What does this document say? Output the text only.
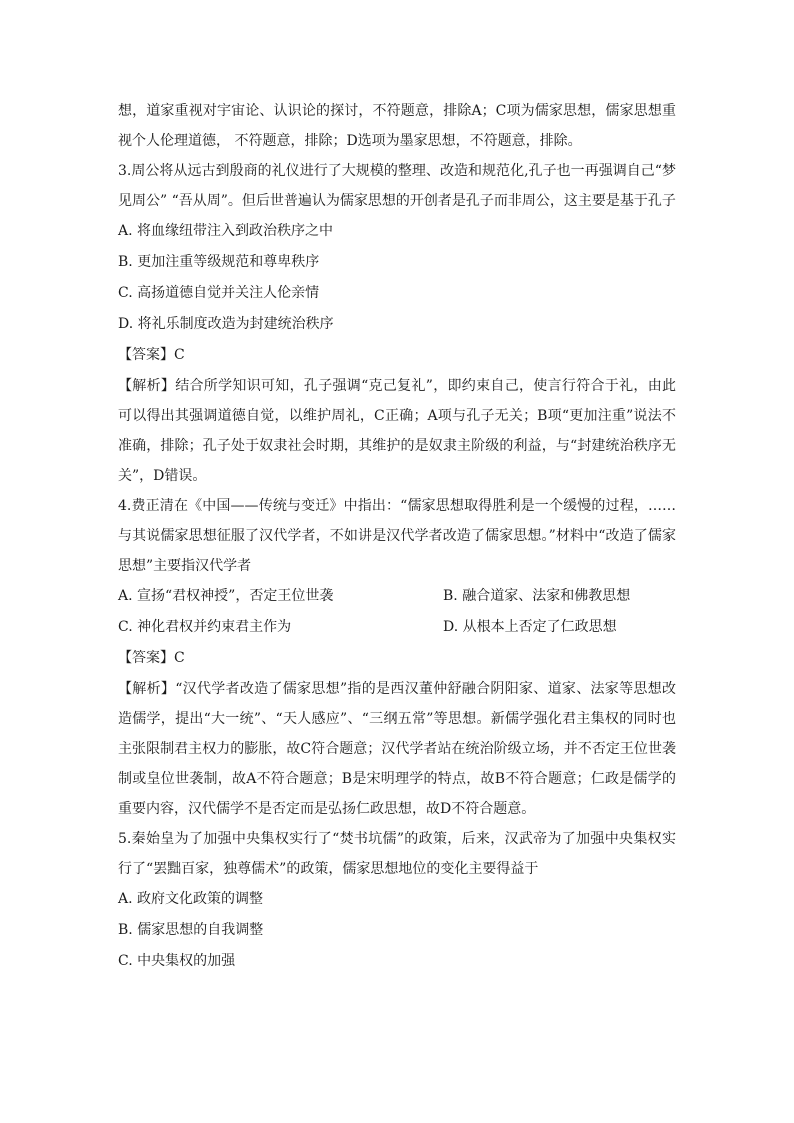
想，道家重视对宇宙论、认识论的探讨，不符题意，排除A；C项为儒家思想，儒家思想重视个人伦理道德， 不符题意，排除；D选项为墨家思想，不符题意，排除。

3.周公将从远古到殷商的礼仪进行了大规模的整理、改造和规范化,孔子也一再强调自己“梦见周公” “吾从周”。但后世普遍认为儒家思想的开创者是孔子而非周公，这主要是基于孔子

A. 将血缘纽带注入到政治秩序之中

B. 更加注重等级规范和尊卑秩序

C. 高扬道德自觉并关注人伦亲情

D. 将礼乐制度改造为封建统治秩序

【答案】C

【解析】结合所学知识可知，孔子强调“克己复礼”，即约束自己，使言行符合于礼，由此可以得出其强调道德自觉，以维护周礼，C正确；A项与孔子无关；B项“更加注重”说法不准确，排除；孔子处于奴隶社会时期，其维护的是奴隶主阶级的利益，与“封建统治秩序无关”，D错误。

4.费正清在《中国——传统与变迁》中指出：“儒家思想取得胜利是一个缓慢的过程，……与其说儒家思想征服了汉代学者，不如讲是汉代学者改造了儒家思想。”材料中“改造了儒家思想”主要指汉代学者

A. 宣扬“君权神授”，否定王位世袭	B. 融合道家、法家和佛教思想
C. 神化君权并约束君主作为	D. 从根本上否定了仁政思想

【答案】C

【解析】“汉代学者改造了儒家思想”指的是西汉董仲舒融合阴阳家、道家、法家等思想改造儒学，提出“大一统”、“天人感应”、“三纲五常”等思想。新儒学强化君主集权的同时也主张限制君主权力的膨胀，故C符合题意；汉代学者站在统治阶级立场，并不否定王位世袭制或皇位世袭制，故A不符合题意；B是宋明理学的特点，故B不符合题意；仁政是儒学的重要内容，汉代儒学不是否定而是弘扬仁政思想，故D不符合题意。

5.秦始皇为了加强中央集权实行了“焚书坑儒”的政策，后来，汉武帝为了加强中央集权实行了“罢黜百家，独尊儒术”的政策，儒家思想地位的变化主要得益于

A. 政府文化政策的调整

B. 儒家思想的自我调整

C. 中央集权的加强
